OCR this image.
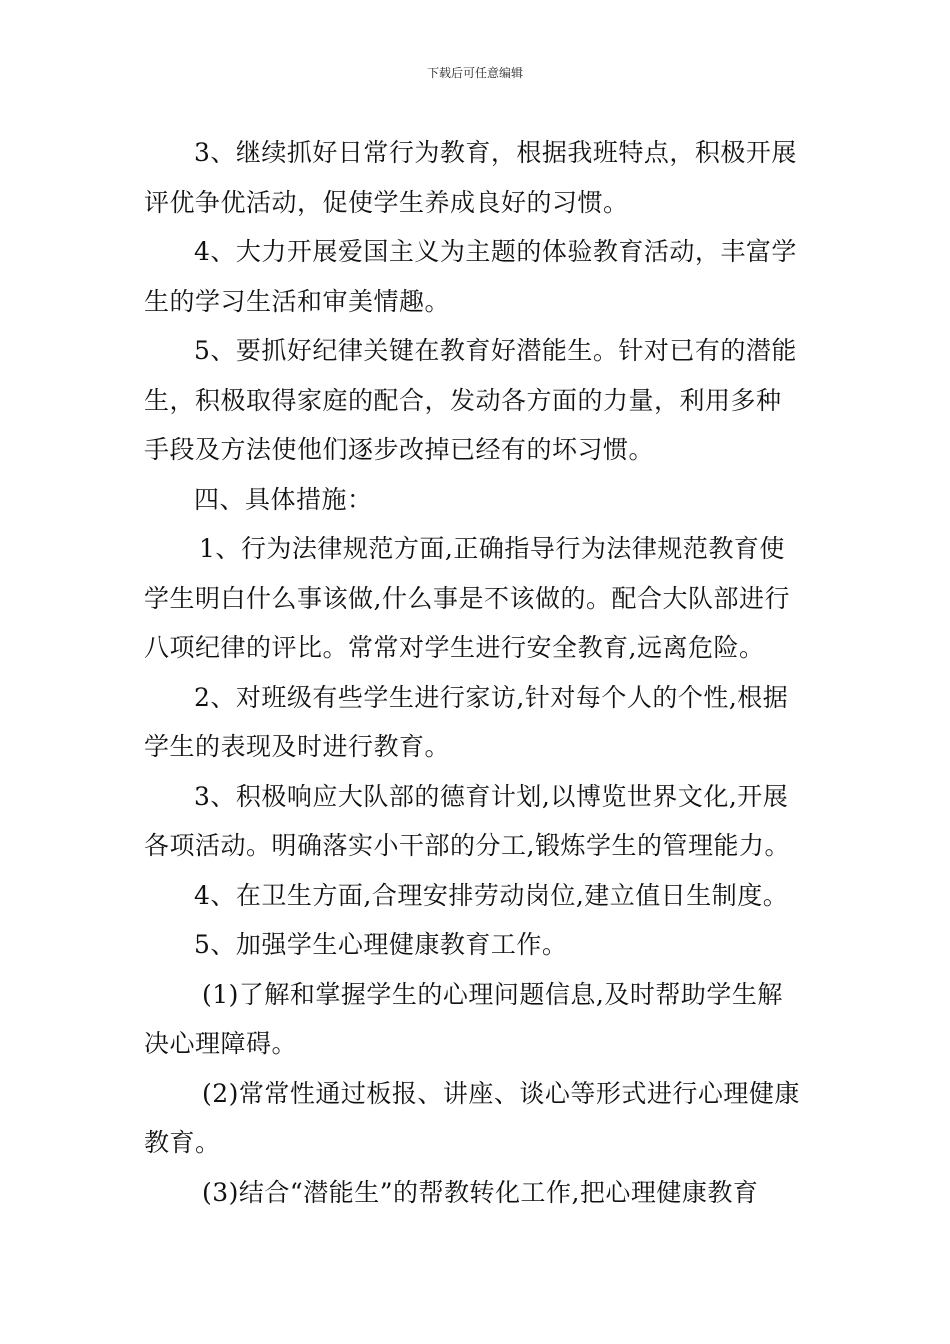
下载后可任意编辑

3、继续抓好日常行为教育，根据我班特点，积极开展

评优争优活动，促使学生养成良好的习惯。

4、大力开展爱国主义为主题的体验教育活动，丰富学

生的学习生活和审美情趣。

5、要抓好纪律关键在教育好潜能生。针对已有的潜能

生，积极取得家庭的配合，发动各方面的力量，利用多种

手段及方法使他们逐步改掉已经有的坏习惯。

四、具体措施：

1、行为法律规范方面,正确指导行为法律规范教育使

学生明白什么事该做,什么事是不该做的。配合大队部进行

八项纪律的评比。常常对学生进行安全教育,远离危险。

2、对班级有些学生进行家访,针对每个人的个性,根据

学生的表现及时进行教育。

3、积极响应大队部的德育计划,以博览世界文化,开展

各项活动。明确落实小干部的分工,锻炼学生的管理能力。

4、在卫生方面,合理安排劳动岗位,建立值日生制度。

5、加强学生心理健康教育工作。

(1)了解和掌握学生的心理问题信息,及时帮助学生解

决心理障碍。

(2)常常性通过板报、讲座、谈心等形式进行心理健康

教育。

(3)结合“潜能生”的帮教转化工作,把心理健康教育
